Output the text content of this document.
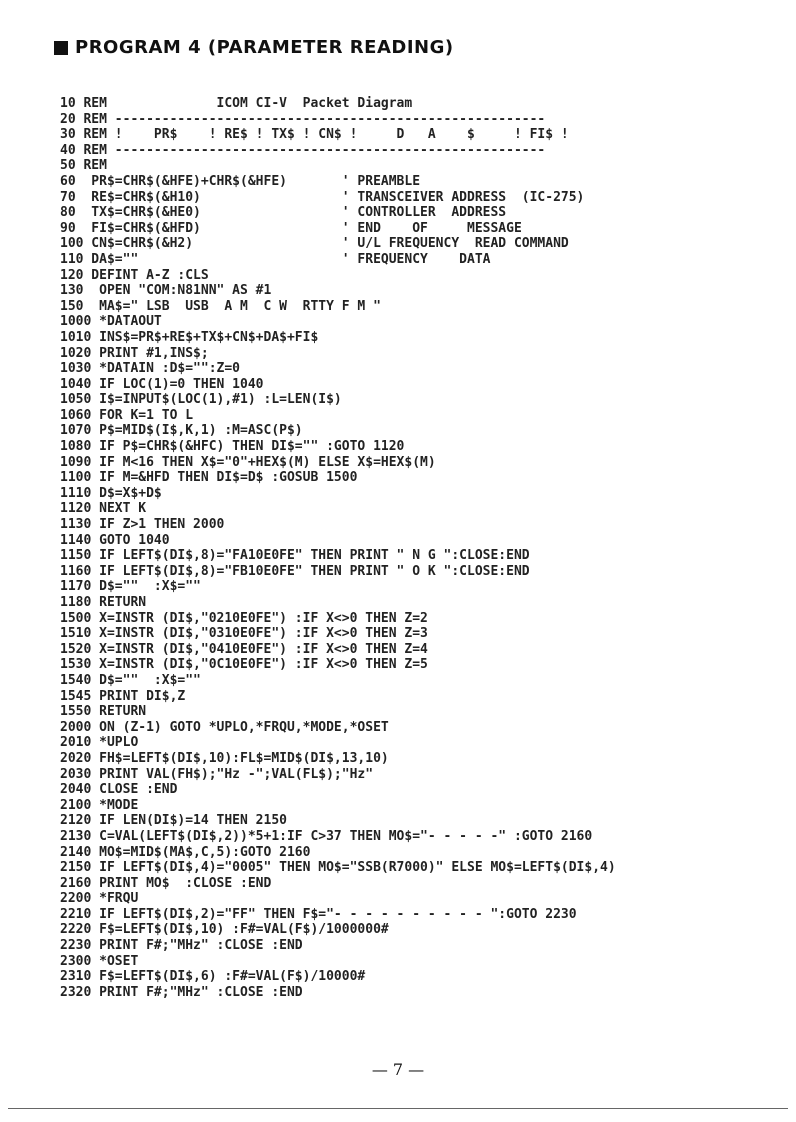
PROGRAM 4 (PARAMETER READING)
10 REM              ICOM CI-V  Packet Diagram
20 REM -------------------------------------------------------
30 REM !    PR$    ! RE$ ! TX$ ! CN$ !     D   A    $     ! FI$ !
40 REM -------------------------------------------------------
50 REM
60  PR$=CHR$(&HFE)+CHR$(&HFE)       ' PREAMBLE
70  RE$=CHR$(&H10)                  ' TRANSCEIVER ADDRESS  (IC-275)
80  TX$=CHR$(&HE0)                  ' CONTROLLER  ADDRESS
90  FI$=CHR$(&HFD)                  ' END    OF     MESSAGE
100 CN$=CHR$(&H2)                   ' U/L FREQUENCY  READ COMMAND
110 DA$=""                          ' FREQUENCY    DATA
120 DEFINT A-Z :CLS
130  OPEN "COM:N81NN" AS #1
150  MA$=" LSB  USB  A M  C W  RTTY F M "
1000 *DATAOUT
1010 INS$=PR$+RE$+TX$+CN$+DA$+FI$
1020 PRINT #1,INS$;
1030 *DATAIN :D$="":Z=0
1040 IF LOC(1)=0 THEN 1040
1050 I$=INPUT$(LOC(1),#1) :L=LEN(I$)
1060 FOR K=1 TO L
1070 P$=MID$(I$,K,1) :M=ASC(P$)
1080 IF P$=CHR$(&HFC) THEN DI$="" :GOTO 1120
1090 IF M<16 THEN X$="0"+HEX$(M) ELSE X$=HEX$(M)
1100 IF M=&HFD THEN DI$=D$ :GOSUB 1500
1110 D$=X$+D$
1120 NEXT K
1130 IF Z>1 THEN 2000
1140 GOTO 1040
1150 IF LEFT$(DI$,8)="FA10E0FE" THEN PRINT " N G ":CLOSE:END
1160 IF LEFT$(DI$,8)="FB10E0FE" THEN PRINT " O K ":CLOSE:END
1170 D$=""  :X$=""
1180 RETURN
1500 X=INSTR (DI$,"0210E0FE") :IF X<>0 THEN Z=2
1510 X=INSTR (DI$,"0310E0FE") :IF X<>0 THEN Z=3
1520 X=INSTR (DI$,"0410E0FE") :IF X<>0 THEN Z=4
1530 X=INSTR (DI$,"0C10E0FE") :IF X<>0 THEN Z=5
1540 D$=""  :X$=""
1545 PRINT DI$,Z
1550 RETURN
2000 ON (Z-1) GOTO *UPLO,*FRQU,*MODE,*OSET
2010 *UPLO
2020 FH$=LEFT$(DI$,10):FL$=MID$(DI$,13,10)
2030 PRINT VAL(FH$);"Hz -";VAL(FL$);"Hz"
2040 CLOSE :END
2100 *MODE
2120 IF LEN(DI$)=14 THEN 2150
2130 C=VAL(LEFT$(DI$,2))*5+1:IF C>37 THEN MO$="- - - - -" :GOTO 2160
2140 MO$=MID$(MA$,C,5):GOTO 2160
2150 IF LEFT$(DI$,4)="0005" THEN MO$="SSB(R7000)" ELSE MO$=LEFT$(DI$,4)
2160 PRINT MO$  :CLOSE :END
2200 *FRQU
2210 IF LEFT$(DI$,2)="FF" THEN F$="- - - - - - - - - - ":GOTO 2230
2220 F$=LEFT$(DI$,10) :F#=VAL(F$)/1000000#
2230 PRINT F#;"MHz" :CLOSE :END
2300 *OSET
2310 F$=LEFT$(DI$,6) :F#=VAL(F$)/10000#
2320 PRINT F#;"MHz" :CLOSE :END
— 7 —
